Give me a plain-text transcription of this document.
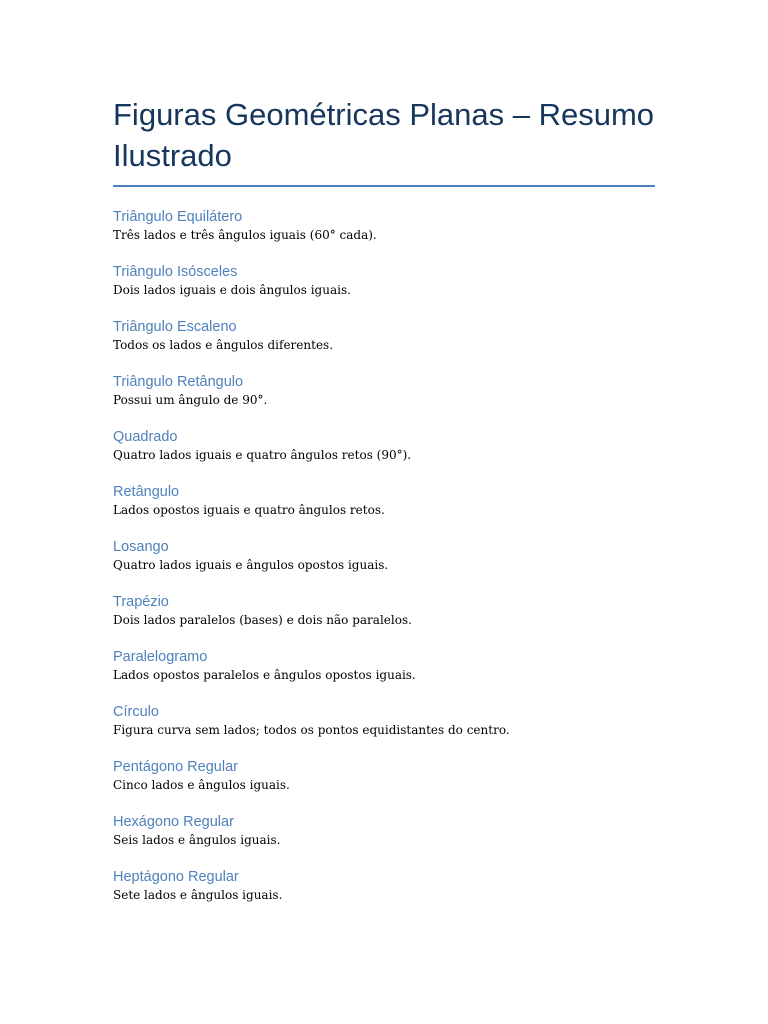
Figuras Geométricas Planas – Resumo Ilustrado
Triângulo Equilátero

Três lados e três ângulos iguais (60° cada).

Triângulo Isósceles

Dois lados iguais e dois ângulos iguais.

Triângulo Escaleno

Todos os lados e ângulos diferentes.

Triângulo Retângulo

Possui um ângulo de 90°.

Quadrado

Quatro lados iguais e quatro ângulos retos (90°).

Retângulo

Lados opostos iguais e quatro ângulos retos.

Losango

Quatro lados iguais e ângulos opostos iguais.

Trapézio

Dois lados paralelos (bases) e dois não paralelos.

Paralelogramo

Lados opostos paralelos e ângulos opostos iguais.

Círculo

Figura curva sem lados; todos os pontos equidistantes do centro.

Pentágono Regular

Cinco lados e ângulos iguais.

Hexágono Regular

Seis lados e ângulos iguais.

Heptágono Regular

Sete lados e ângulos iguais.
